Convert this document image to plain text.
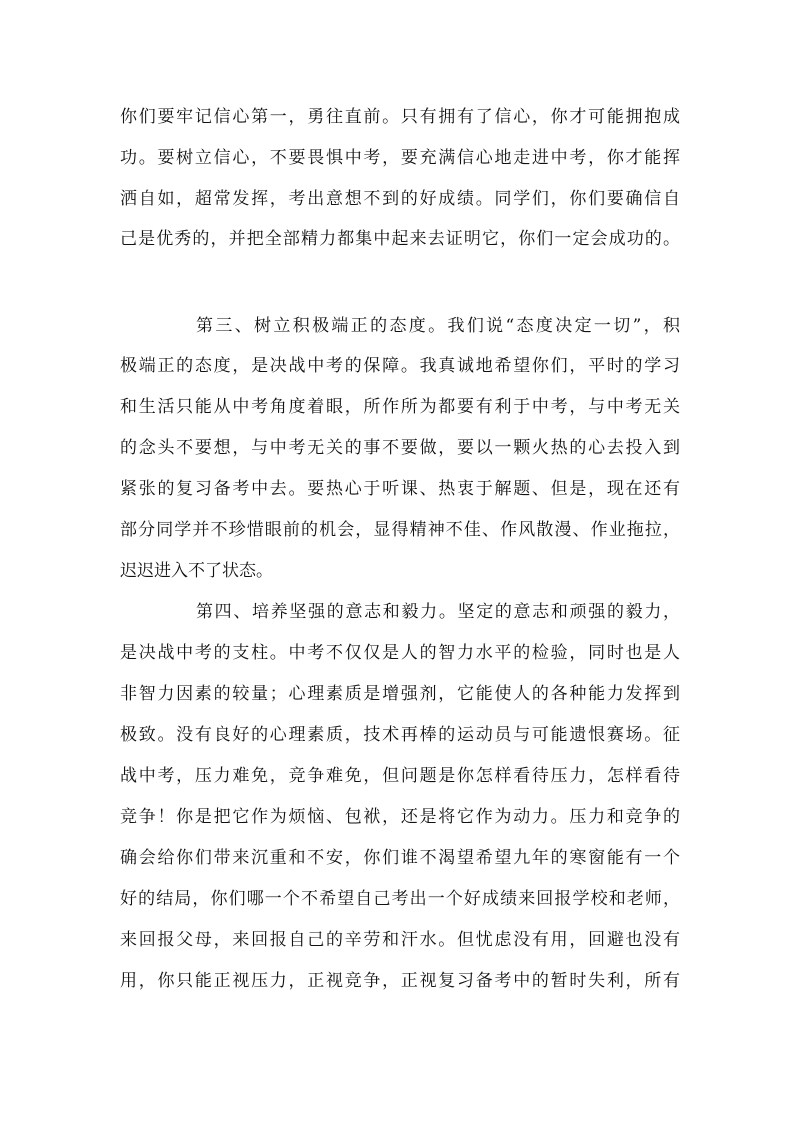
你们要牢记信心第一，勇往直前。只有拥有了信心，你才可能拥抱成
功。要树立信心，不要畏惧中考，要充满信心地走进中考，你才能挥
洒自如，超常发挥，考出意想不到的好成绩。同学们，你们要确信自
己是优秀的，并把全部精力都集中起来去证明它，你们一定会成功的。
第三、树立积极端正的态度。我们说“态度决定一切”，积
极端正的态度，是决战中考的保障。我真诚地希望你们，平时的学习
和生活只能从中考角度着眼，所作所为都要有利于中考，与中考无关
的念头不要想，与中考无关的事不要做，要以一颗火热的心去投入到
紧张的复习备考中去。要热心于听课、热衷于解题、但是，现在还有
部分同学并不珍惜眼前的机会，显得精神不佳、作风散漫、作业拖拉，
迟迟进入不了状态。
第四、培养坚强的意志和毅力。坚定的意志和顽强的毅力，
是决战中考的支柱。中考不仅仅是人的智力水平的检验，同时也是人
非智力因素的较量；心理素质是增强剂，它能使人的各种能力发挥到
极致。没有良好的心理素质，技术再棒的运动员与可能遗恨赛场。征
战中考，压力难免，竞争难免，但问题是你怎样看待压力，怎样看待
竞争！你是把它作为烦恼、包袱，还是将它作为动力。压力和竞争的
确会给你们带来沉重和不安，你们谁不渴望希望九年的寒窗能有一个
好的结局，你们哪一个不希望自己考出一个好成绩来回报学校和老师，
来回报父母，来回报自己的辛劳和汗水。但忧虑没有用，回避也没有
用，你只能正视压力，正视竞争，正视复习备考中的暂时失利，所有
